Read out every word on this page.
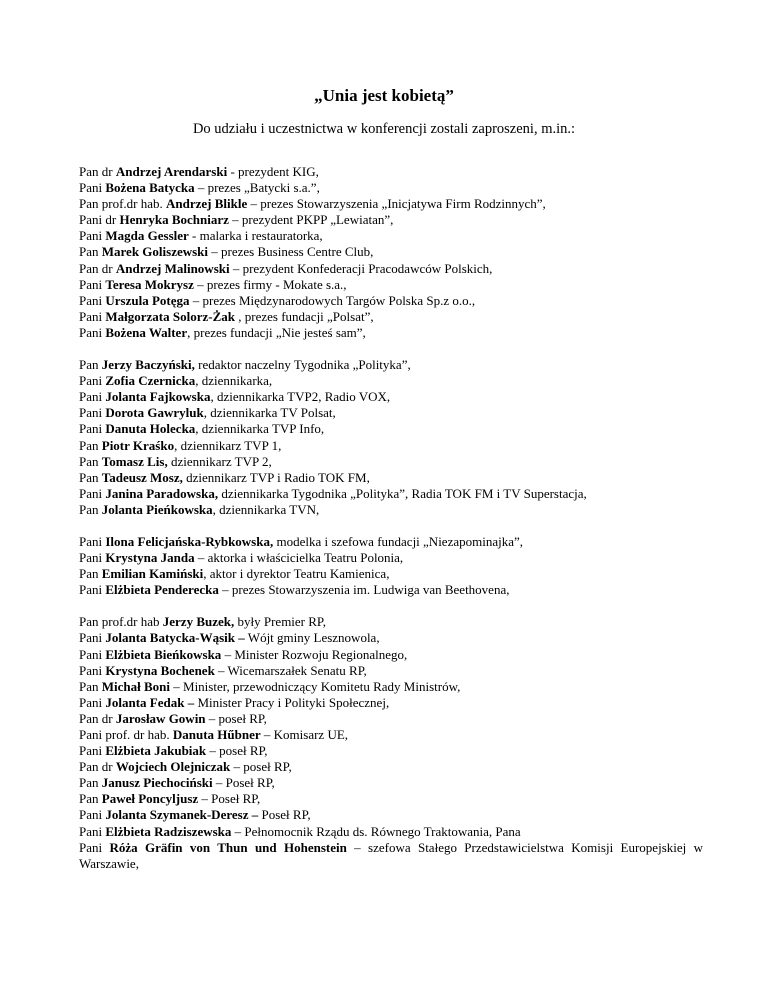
„Unia jest kobietą”
Do udziału i uczestnictwa w konferencji zostali zaproszeni, m.in.:
Pan dr Andrzej Arendarski - prezydent KIG,
Pani Bożena Batycka – prezes „Batycki s.a.”,
Pan prof.dr hab. Andrzej Blikle – prezes Stowarzyszenia „Inicjatywa Firm Rodzinnych”,
Pani dr Henryka Bochniarz – prezydent PKPP „Lewiatan”,
Pani Magda Gessler - malarka i restauratorka,
Pan Marek Goliszewski – prezes Business Centre Club,
Pan dr Andrzej Malinowski – prezydent Konfederacji Pracodawców Polskich,
Pani Teresa Mokrysz – prezes firmy - Mokate s.a.,
Pani Urszula Potęga – prezes Międzynarodowych Targów Polska Sp.z o.o.,
Pani Małgorzata Solorz-Żak , prezes fundacji „Polsat”,
Pani Bożena Walter, prezes fundacji „Nie jesteś sam”,
Pan Jerzy Baczyński, redaktor naczelny Tygodnika „Polityka”,
Pani Zofia Czernicka, dziennikarka,
Pani Jolanta Fajkowska, dziennikarka TVP2, Radio VOX,
Pani Dorota Gawryluk, dziennikarka TV Polsat,
Pani Danuta Holecka, dziennikarka TVP Info,
Pan Piotr Kraśko, dziennikarz TVP 1,
Pan Tomasz Lis, dziennikarz TVP 2,
Pan Tadeusz Mosz, dziennikarz TVP i Radio TOK FM,
Pani Janina Paradowska, dziennikarka Tygodnika „Polityka”, Radia TOK FM i TV Superstacja,
Pan Jolanta Pieńkowska, dziennikarka TVN,
Pani Ilona Felicjańska-Rybkowska, modelka i szefowa fundacji „Niezapominajka”,
Pani Krystyna Janda – aktorka i właścicielka Teatru Polonia,
Pan Emilian Kamiński, aktor i dyrektor Teatru Kamienica,
Pani Elżbieta Penderecka – prezes Stowarzyszenia im. Ludwiga van Beethovena,
Pan prof.dr hab Jerzy Buzek, były Premier RP,
Pani Jolanta Batycka-Wąsik – Wójt gminy Lesznowola,
Pani Elżbieta Bieńkowska – Minister Rozwoju Regionalnego,
Pani Krystyna Bochenek – Wicemarszałek Senatu RP,
Pan Michał Boni – Minister, przewodniczący Komitetu Rady Ministrów,
Pani Jolanta Fedak – Minister Pracy i Polityki Społecznej,
Pan dr Jarosław Gowin – poseł RP,
Pani prof. dr hab. Danuta Hűbner – Komisarz UE,
Pani Elżbieta Jakubiak – poseł RP,
Pan dr Wojciech Olejniczak – poseł RP,
Pan Janusz Piechociński – Poseł RP,
Pan Paweł Poncyljusz – Poseł RP,
Pani Jolanta Szymanek-Deresz – Poseł RP,
Pani Elżbieta Radziszewska – Pełnomocnik Rządu ds. Równego Traktowania, Pana
Pani Róża Gräfin von Thun und Hohenstein – szefowa Stałego Przedstawicielstwa Komisji Europejskiej w Warszawie,
